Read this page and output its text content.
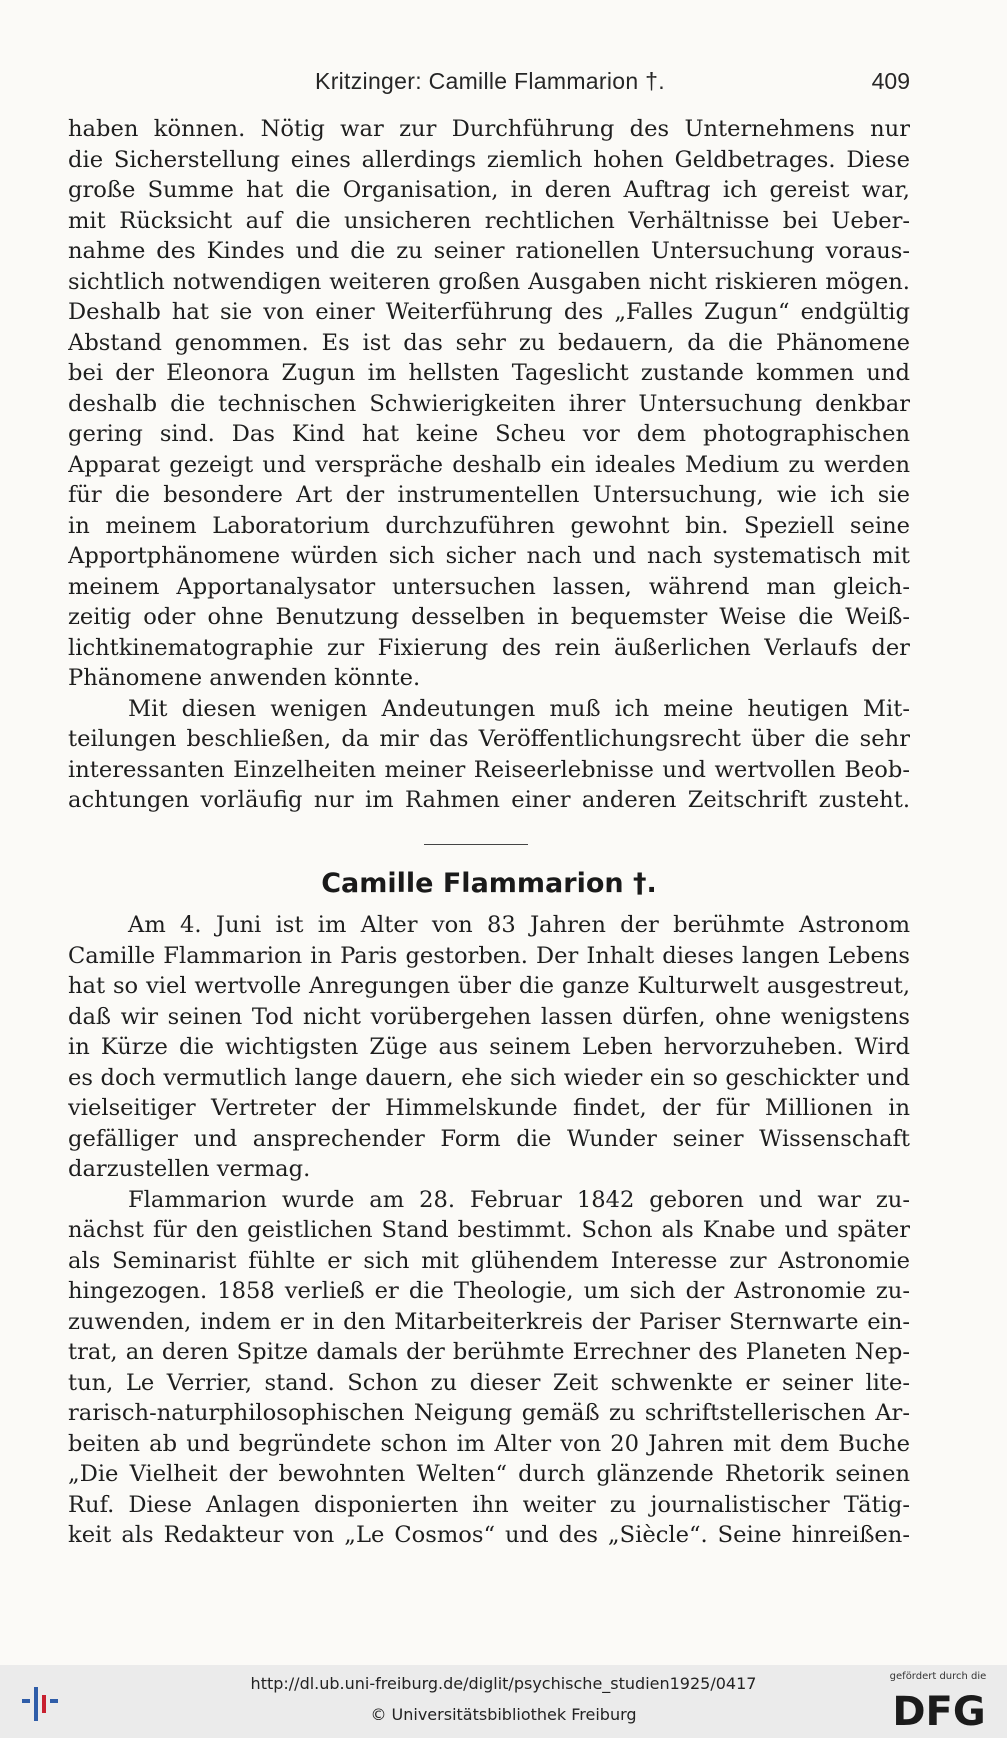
Kritzinger: Camille Flammarion †.	409
haben können. Nötig war zur Durchführung des Unternehmens nur
die Sicherstellung eines allerdings ziemlich hohen Geldbetrages. Diese
große Summe hat die Organisation, in deren Auftrag ich gereist war,
mit Rücksicht auf die unsicheren rechtlichen Verhältnisse bei Ueber-
nahme des Kindes und die zu seiner rationellen Untersuchung voraus-
sichtlich notwendigen weiteren großen Ausgaben nicht riskieren mögen.
Deshalb hat sie von einer Weiterführung des „Falles Zugun“ endgültig
Abstand genommen. Es ist das sehr zu bedauern, da die Phänomene
bei der Eleonora Zugun im hellsten Tageslicht zustande kommen und
deshalb die technischen Schwierigkeiten ihrer Untersuchung denkbar
gering sind. Das Kind hat keine Scheu vor dem photographischen
Apparat gezeigt und verspräche deshalb ein ideales Medium zu werden
für die besondere Art der instrumentellen Untersuchung, wie ich sie
in meinem Laboratorium durchzuführen gewohnt bin. Speziell seine
Apportphänomene würden sich sicher nach und nach systematisch mit
meinem Apportanalysator untersuchen lassen, während man gleich-
zeitig oder ohne Benutzung desselben in bequemster Weise die Weiß-
lichtkinematographie zur Fixierung des rein äußerlichen Verlaufs der
Phänomene anwenden könnte.
Mit diesen wenigen Andeutungen muß ich meine heutigen Mit-
teilungen beschließen, da mir das Veröffentlichungsrecht über die sehr
interessanten Einzelheiten meiner Reiseerlebnisse und wertvollen Beob-
achtungen vorläufig nur im Rahmen einer anderen Zeitschrift zusteht.
Camille Flammarion †.
Am 4. Juni ist im Alter von 83 Jahren der berühmte Astronom
Camille Flammarion in Paris gestorben. Der Inhalt dieses langen Lebens
hat so viel wertvolle Anregungen über die ganze Kulturwelt ausgestreut,
daß wir seinen Tod nicht vorübergehen lassen dürfen, ohne wenigstens
in Kürze die wichtigsten Züge aus seinem Leben hervorzuheben. Wird
es doch vermutlich lange dauern, ehe sich wieder ein so geschickter und
vielseitiger Vertreter der Himmelskunde findet, der für Millionen in
gefälliger und ansprechender Form die Wunder seiner Wissenschaft
darzustellen vermag.
Flammarion wurde am 28. Februar 1842 geboren und war zu-
nächst für den geistlichen Stand bestimmt. Schon als Knabe und später
als Seminarist fühlte er sich mit glühendem Interesse zur Astronomie
hingezogen. 1858 verließ er die Theologie, um sich der Astronomie zu-
zuwenden, indem er in den Mitarbeiterkreis der Pariser Sternwarte ein-
trat, an deren Spitze damals der berühmte Errechner des Planeten Nep-
tun, Le Verrier, stand. Schon zu dieser Zeit schwenkte er seiner lite-
rarisch-naturphilosophischen Neigung gemäß zu schriftstellerischen Ar-
beiten ab und begründete schon im Alter von 20 Jahren mit dem Buche
„Die Vielheit der bewohnten Welten“ durch glänzende Rhetorik seinen
Ruf. Diese Anlagen disponierten ihn weiter zu journalistischer Tätig-
keit als Redakteur von „Le Cosmos“ und des „Siècle“. Seine hinreißen-
http://dl.ub.uni-freiburg.de/diglit/psychische_studien1925/0417
© Universitätsbibliothek Freiburg
gefördert durch die
DFG
